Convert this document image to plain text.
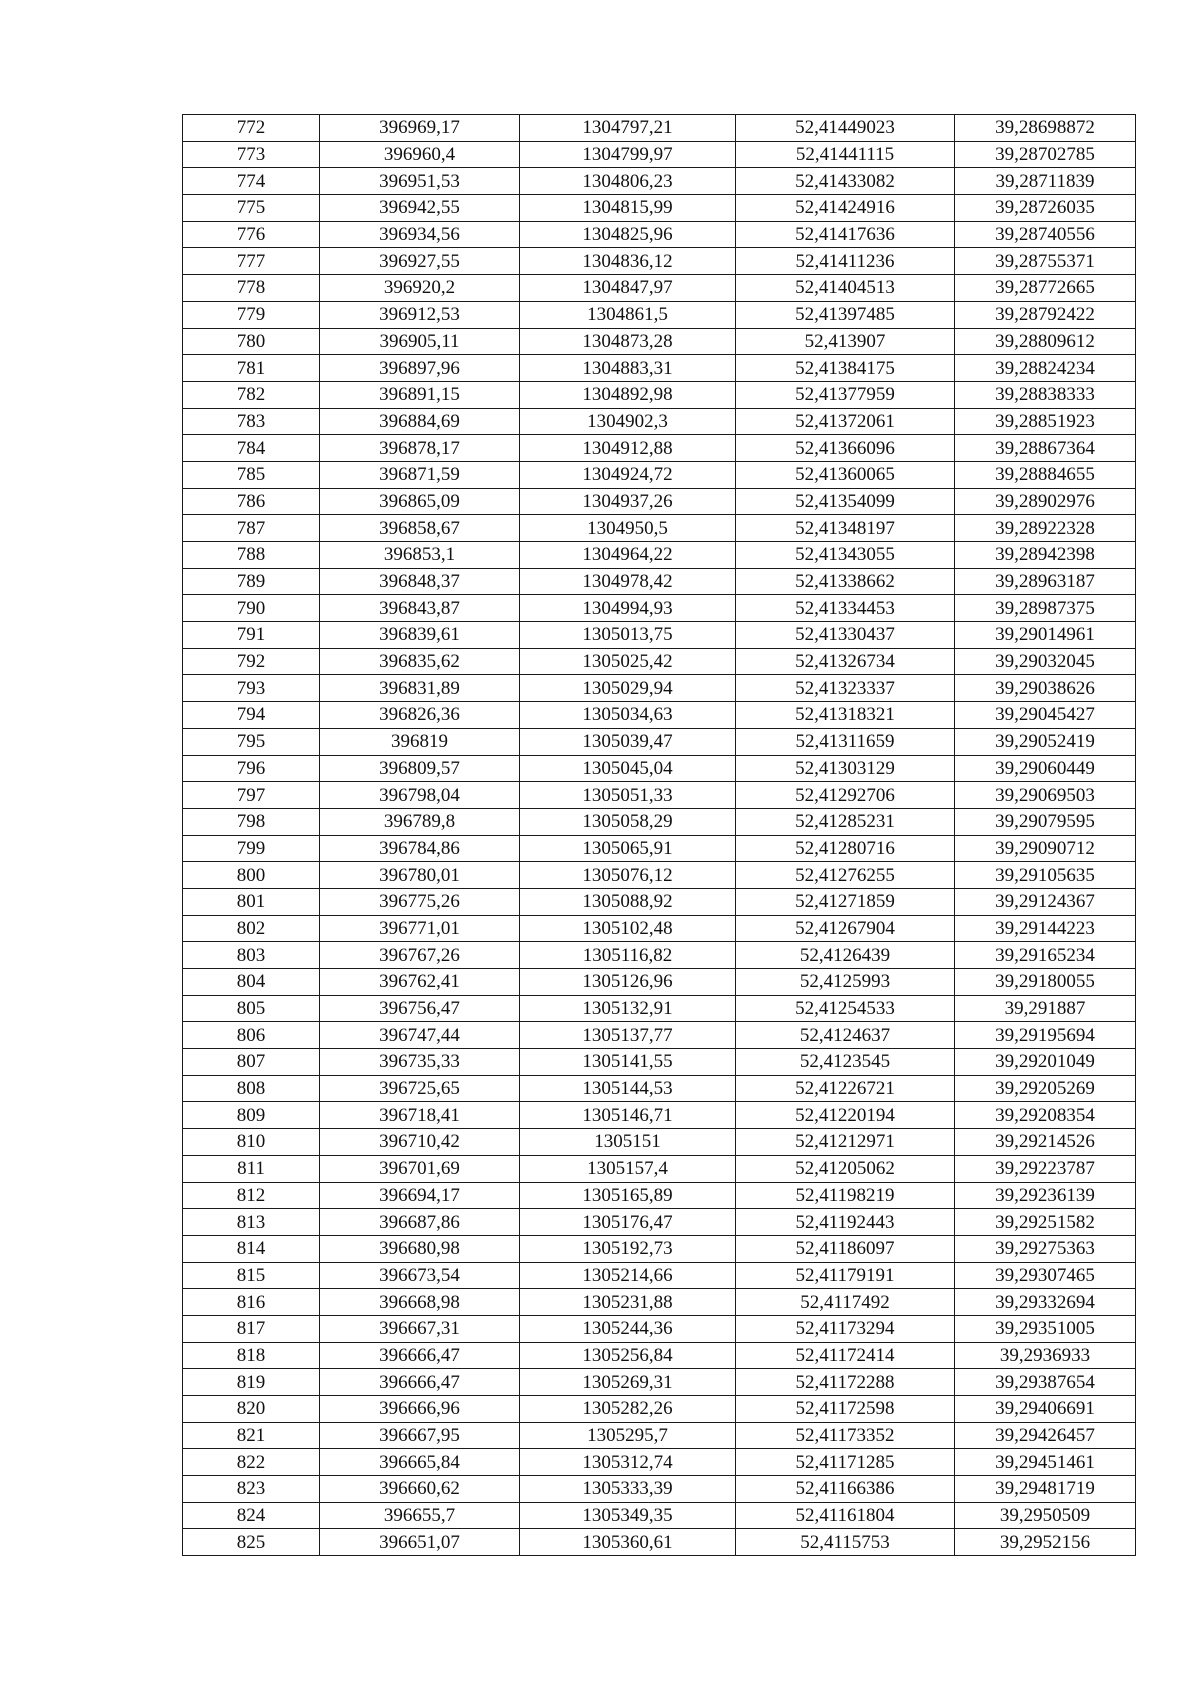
772	396969,17	1304797,21	52,41449023	39,28698872
773	396960,4	1304799,97	52,41441115	39,28702785
774	396951,53	1304806,23	52,41433082	39,28711839
775	396942,55	1304815,99	52,41424916	39,28726035
776	396934,56	1304825,96	52,41417636	39,28740556
777	396927,55	1304836,12	52,41411236	39,28755371
778	396920,2	1304847,97	52,41404513	39,28772665
779	396912,53	1304861,5	52,41397485	39,28792422
780	396905,11	1304873,28	52,413907	39,28809612
781	396897,96	1304883,31	52,41384175	39,28824234
782	396891,15	1304892,98	52,41377959	39,28838333
783	396884,69	1304902,3	52,41372061	39,28851923
784	396878,17	1304912,88	52,41366096	39,28867364
785	396871,59	1304924,72	52,41360065	39,28884655
786	396865,09	1304937,26	52,41354099	39,28902976
787	396858,67	1304950,5	52,41348197	39,28922328
788	396853,1	1304964,22	52,41343055	39,28942398
789	396848,37	1304978,42	52,41338662	39,28963187
790	396843,87	1304994,93	52,41334453	39,28987375
791	396839,61	1305013,75	52,41330437	39,29014961
792	396835,62	1305025,42	52,41326734	39,29032045
793	396831,89	1305029,94	52,41323337	39,29038626
794	396826,36	1305034,63	52,41318321	39,29045427
795	396819	1305039,47	52,41311659	39,29052419
796	396809,57	1305045,04	52,41303129	39,29060449
797	396798,04	1305051,33	52,41292706	39,29069503
798	396789,8	1305058,29	52,41285231	39,29079595
799	396784,86	1305065,91	52,41280716	39,29090712
800	396780,01	1305076,12	52,41276255	39,29105635
801	396775,26	1305088,92	52,41271859	39,29124367
802	396771,01	1305102,48	52,41267904	39,29144223
803	396767,26	1305116,82	52,4126439	39,29165234
804	396762,41	1305126,96	52,4125993	39,29180055
805	396756,47	1305132,91	52,41254533	39,291887
806	396747,44	1305137,77	52,4124637	39,29195694
807	396735,33	1305141,55	52,4123545	39,29201049
808	396725,65	1305144,53	52,41226721	39,29205269
809	396718,41	1305146,71	52,41220194	39,29208354
810	396710,42	1305151	52,41212971	39,29214526
811	396701,69	1305157,4	52,41205062	39,29223787
812	396694,17	1305165,89	52,41198219	39,29236139
813	396687,86	1305176,47	52,41192443	39,29251582
814	396680,98	1305192,73	52,41186097	39,29275363
815	396673,54	1305214,66	52,41179191	39,29307465
816	396668,98	1305231,88	52,4117492	39,29332694
817	396667,31	1305244,36	52,41173294	39,29351005
818	396666,47	1305256,84	52,41172414	39,2936933
819	396666,47	1305269,31	52,41172288	39,29387654
820	396666,96	1305282,26	52,41172598	39,29406691
821	396667,95	1305295,7	52,41173352	39,29426457
822	396665,84	1305312,74	52,41171285	39,29451461
823	396660,62	1305333,39	52,41166386	39,29481719
824	396655,7	1305349,35	52,41161804	39,2950509
825	396651,07	1305360,61	52,4115753	39,2952156
